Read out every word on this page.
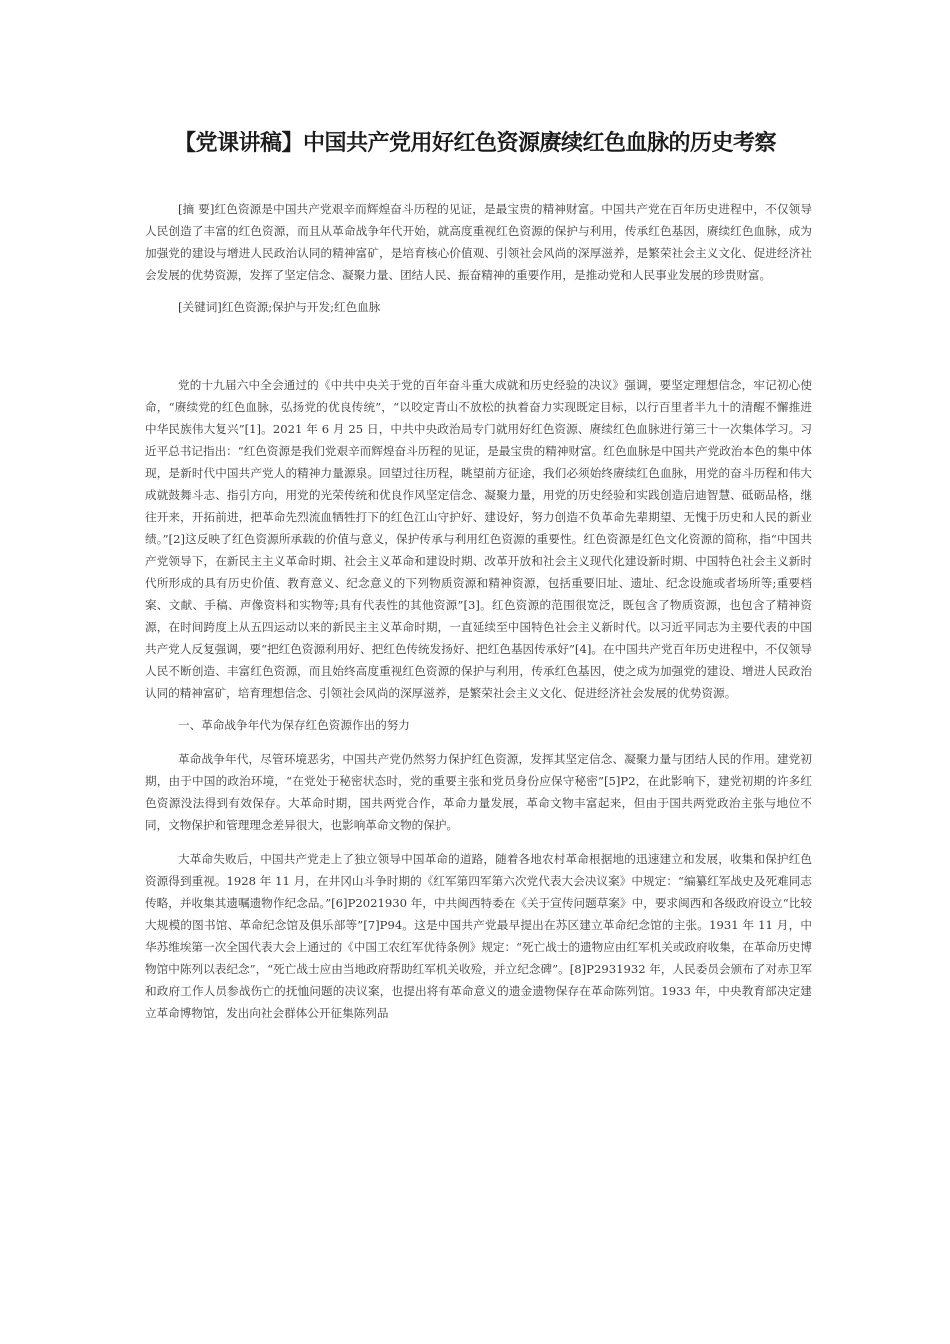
【党课讲稿】中国共产党用好红色资源赓续红色血脉的历史考察

[摘 要]红色资源是中国共产党艰辛而辉煌奋斗历程的见证，是最宝贵的精神财富。中国共产党在百年历史进程中，不仅领导人民创造了丰富的红色资源，而且从革命战争年代开始，就高度重视红色资源的保护与利用，传承红色基因，赓续红色血脉，成为加强党的建设与增进人民政治认同的精神富矿，是培育核心价值观、引领社会风尚的深厚滋养，是繁荣社会主义文化、促进经济社会发展的优势资源，发挥了坚定信念、凝聚力量、团结人民、振奋精神的重要作用，是推动党和人民事业发展的珍贵财富。

[关键词]红色资源;保护与开发;红色血脉

党的十九届六中全会通过的《中共中央关于党的百年奋斗重大成就和历史经验的决议》强调，要坚定理想信念，牢记初心使命，“赓续党的红色血脉，弘扬党的优良传统”，“以咬定青山不放松的执着奋力实现既定目标，以行百里者半九十的清醒不懈推进中华民族伟大复兴”[1]。2021 年 6 月 25 日，中共中央政治局专门就用好红色资源、赓续红色血脉进行第三十一次集体学习。习近平总书记指出：“红色资源是我们党艰辛而辉煌奋斗历程的见证，是最宝贵的精神财富。红色血脉是中国共产党政治本色的集中体现，是新时代中国共产党人的精神力量源泉。回望过往历程，眺望前方征途，我们必须始终赓续红色血脉，用党的奋斗历程和伟大成就鼓舞斗志、指引方向，用党的光荣传统和优良作风坚定信念、凝聚力量，用党的历史经验和实践创造启迪智慧、砥砺品格，继往开来，开拓前进，把革命先烈流血牺牲打下的红色江山守护好、建设好，努力创造不负革命先辈期望、无愧于历史和人民的新业绩。”[2]这反映了红色资源所承载的价值与意义，保护传承与利用红色资源的重要性。红色资源是红色文化资源的简称，指“中国共产党领导下，在新民主主义革命时期、社会主义革命和建设时期、改革开放和社会主义现代化建设新时期、中国特色社会主义新时代所形成的具有历史价值、教育意义、纪念意义的下列物质资源和精神资源，包括重要旧址、遗址、纪念设施或者场所等;重要档案、文献、手稿、声像资料和实物等;具有代表性的其他资源”[3]。红色资源的范围很宽泛，既包含了物质资源，也包含了精神资源，在时间跨度上从五四运动以来的新民主主义革命时期，一直延续至中国特色社会主义新时代。以习近平同志为主要代表的中国共产党人反复强调，要“把红色资源利用好、把红色传统发扬好、把红色基因传承好”[4]。在中国共产党百年历史进程中，不仅领导人民不断创造、丰富红色资源，而且始终高度重视红色资源的保护与利用，传承红色基因，使之成为加强党的建设、增进人民政治认同的精神富矿，培育理想信念、引领社会风尚的深厚滋养，是繁荣社会主义文化、促进经济社会发展的优势资源。

一、革命战争年代为保存红色资源作出的努力

革命战争年代，尽管环境恶劣，中国共产党仍然努力保护红色资源，发挥其坚定信念、凝聚力量与团结人民的作用。建党初期，由于中国的政治环境，“在党处于秘密状态时，党的重要主张和党员身份应保守秘密”[5]P2，在此影响下，建党初期的许多红色资源没法得到有效保存。大革命时期，国共两党合作，革命力量发展，革命文物丰富起来，但由于国共两党政治主张与地位不同，文物保护和管理理念差异很大，也影响革命文物的保护。

大革命失败后，中国共产党走上了独立领导中国革命的道路，随着各地农村革命根据地的迅速建立和发展，收集和保护红色资源得到重视。1928 年 11 月，在井冈山斗争时期的《红军第四军第六次党代表大会决议案》中规定：“编纂红军战史及死难同志传略，并收集其遗嘱遗物作纪念品。”[6]P2021930 年，中共闽西特委在《关于宣传问题草案》中，要求闽西和各级政府设立“比较大规模的图书馆、革命纪念馆及俱乐部等”[7]P94。这是中国共产党最早提出在苏区建立革命纪念馆的主张。1931 年 11 月，中华苏维埃第一次全国代表大会上通过的《中国工农红军优待条例》规定：“死亡战士的遗物应由红军机关或政府收集，在革命历史博物馆中陈列以表纪念”，“死亡战士应由当地政府帮助红军机关收殓，并立纪念碑”。[8]P2931932 年，人民委员会颁布了对赤卫军和政府工作人员参战伤亡的抚恤问题的决议案，也提出将有革命意义的遗金遗物保存在革命陈列馆。1933 年，中央教育部决定建立革命博物馆，发出向社会群体公开征集陈列品
